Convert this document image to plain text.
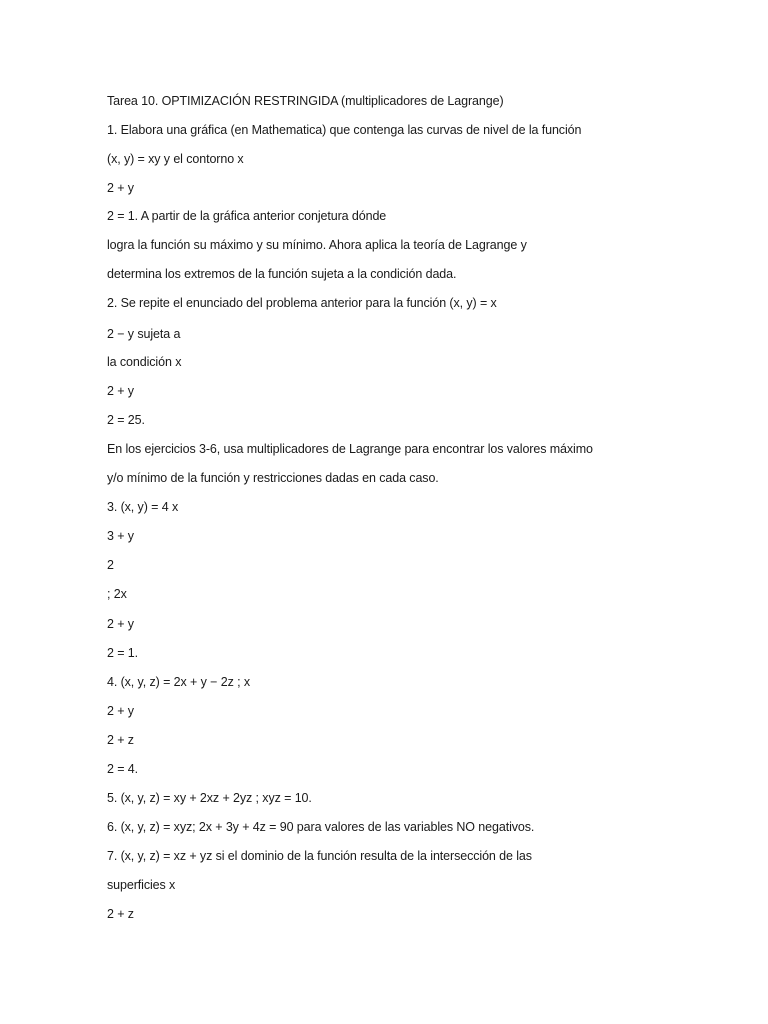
Tarea 10. OPTIMIZACIÓN RESTRINGIDA (multiplicadores de Lagrange)
1. Elabora una gráfica (en Mathematica) que contenga las curvas de nivel de la función
(x, y) = xy y el contorno x
2 + y
2 = 1. A partir de la gráfica anterior conjetura dónde
logra la función su máximo y su mínimo. Ahora aplica la teoría de Lagrange y
determina los extremos de la función sujeta a la condición dada.
2. Se repite el enunciado del problema anterior para la función (x, y) = x
2 − y sujeta a
la condición x
2 + y
2 = 25.
En los ejercicios 3-6, usa multiplicadores de Lagrange para encontrar los valores máximo
y/o mínimo de la función y restricciones dadas en cada caso.
3. (x, y) = 4 x
3 + y
2
; 2x
2 + y
2 = 1.
4. (x, y, z) = 2x + y − 2z ; x
2 + y
2 + z
2 = 4.
5. (x, y, z) = xy + 2xz + 2yz ; xyz = 10.
6. (x, y, z) = xyz; 2x + 3y + 4z = 90 para valores de las variables NO negativos.
7. (x, y, z) = xz + yz si el dominio de la función resulta de la intersección de las
superficies x
2 + z
